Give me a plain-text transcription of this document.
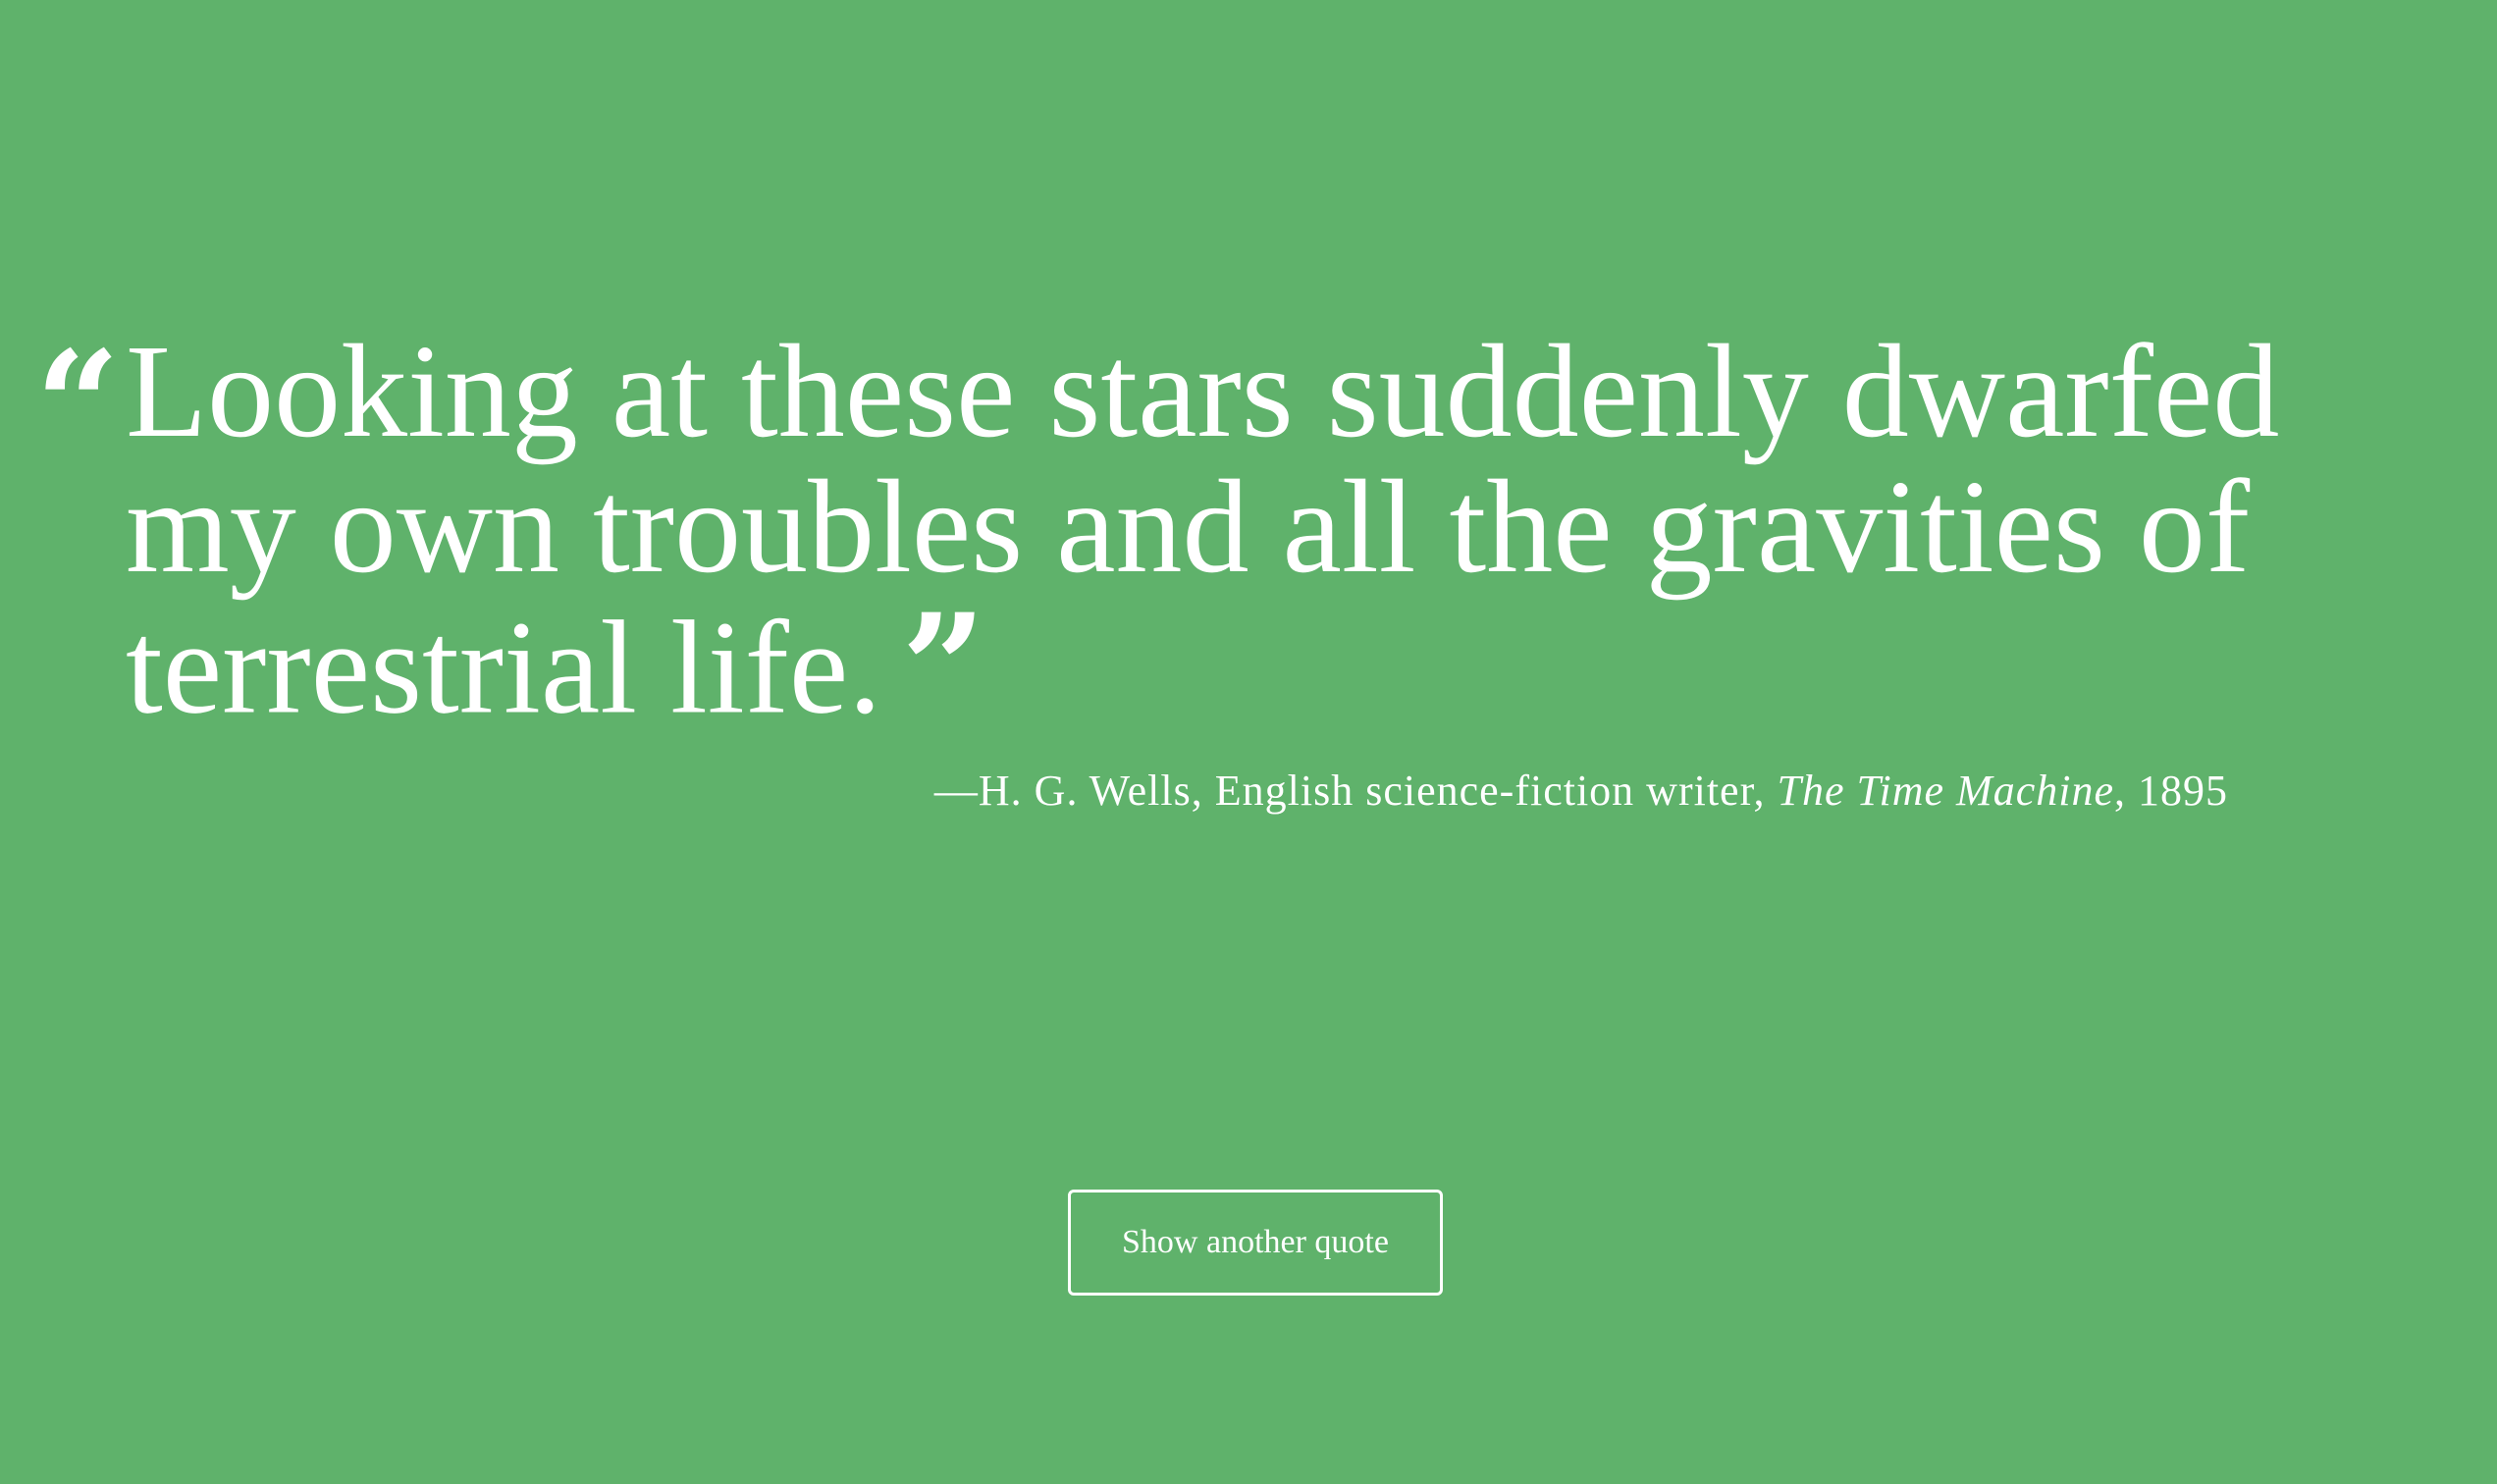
“ Looking at these stars suddenly dwarfed my own troubles and all the gravities of terrestrial life. ”

—H. G. Wells, English science-fiction writer, The Time Machine, 1895
Show another quote
